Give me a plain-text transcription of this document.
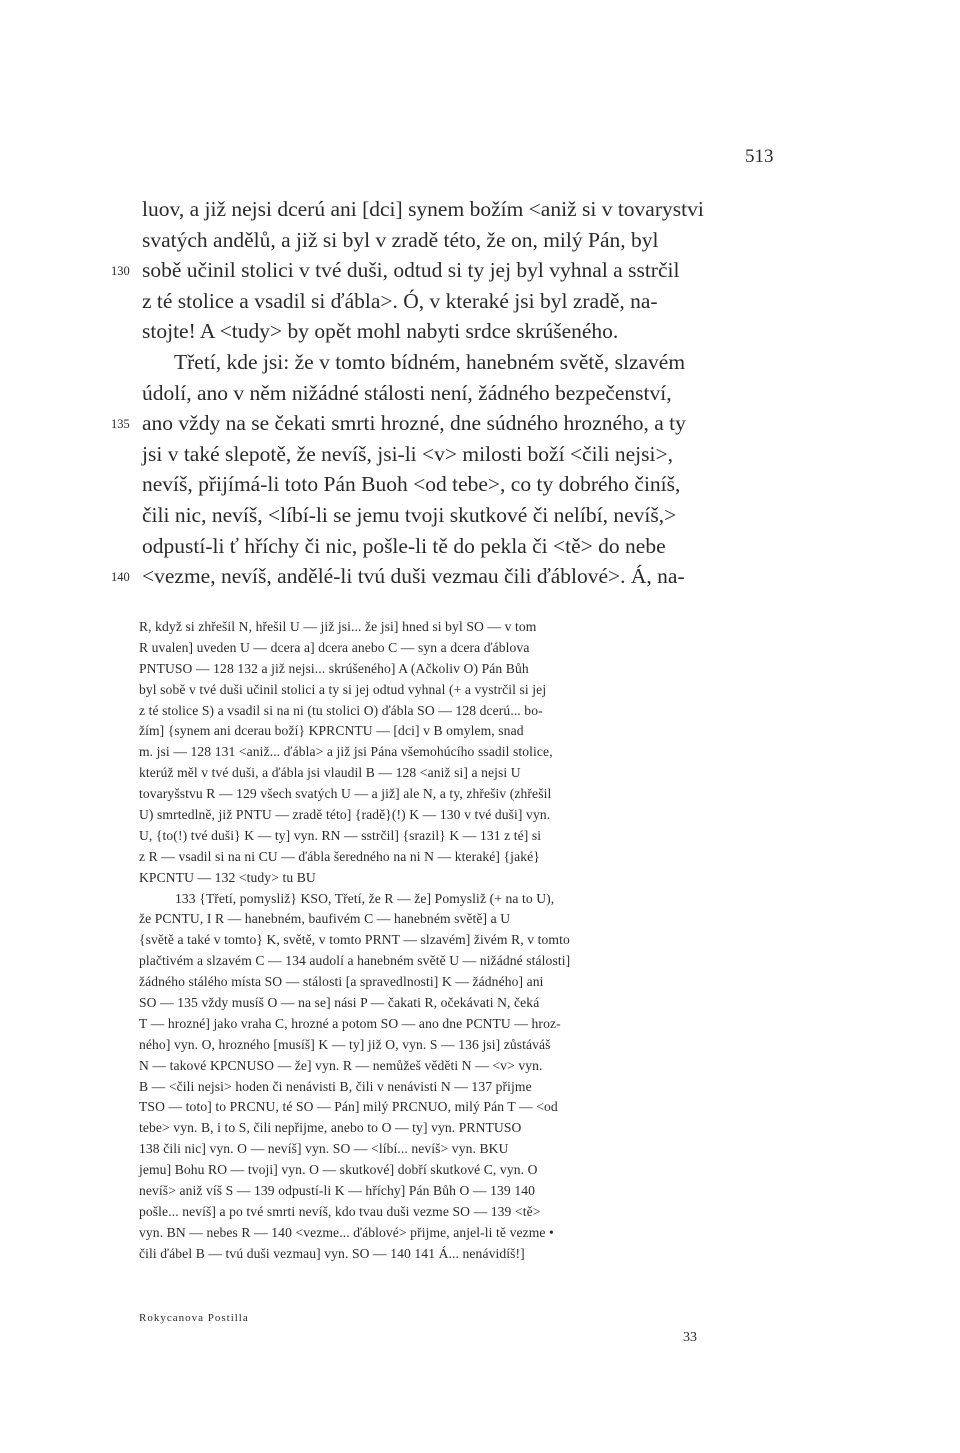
513
luov, a již nejsi dcerú ani [dci] synem božím <aniž si v tovarystvi
svatých andělů, a již si byl v zradě této, že on, milý Pán, byl
130 sobě učinil stolici v tvé duši, odtud si ty jej byl vyhnal a sstrčil
z té stolice a vsadil si ďábla>. Ó, v kteraké jsi byl zradě, na-
stojte! A <tudy> by opět mohl nabyti srdce skrúšeného.
Třetí, kde jsi: že v tomto bídném, hanebném světě, slzavém
údolí, ano v něm nižádné stálosti není, žádného bezpečenství,
135 ano vždy na se čekati smrti hrozné, dne súdného hrozného, a ty
jsi v také slepotě, že nevíš, jsi-li <v> milosti boží <čili nejsi>,
nevíš, přijímá-li toto Pán Buoh <od tebe>, co ty dobrého činíš,
čili nic, nevíš, <líbí-li se jemu tvoji skutkové či nelíbí, nevíš,>
odpustí-li ť hříchy či nic, pošle-li tě do pekla či <tě> do nebe
140 <vezme, nevíš, andělé-li tvú duši vezmau čili ďáblové>. Á, na-
R, když si zhřešil N, hřešil U — již jsi... že jsi] hned si byl SO — v tom
R uvalen] uveden U — dcera a] dcera anebo C — syn a dcera ďáblova
PNTUSO — 128 132 a již nejsi... skrúšeného] A (Ačkoliv O) Pán Bůh
byl sobě v tvé duši učinil stolici a ty si jej odtud vyhnal (+ a vystrčil si jej
z té stolice S) a vsadil si na ni (tu stolici O) ďábla SO — 128 dcerú... bo-
žím] {synem ani dcerau boží} KPRCNTU — [dci] v B omylem, snad
m. jsi — 128 131 <aniž... ďábla> a již jsi Pána všemohúcího ssadil stolice,
kterúž měl v tvé duši, a ďábla jsi vlaudil B — 128 <aniž si] a nejsi U
tovaryšstvu R — 129 všech svatých U — a již] ale N, a ty, zhřešiv (zhřešil
U) smrtedlně, již PNTU — zradě této] {radě}(!) K — 130 v tvé duši] vyn.
U, {to(!) tvé duši} K — ty] vyn. RN — sstrčil] {srazil} K — 131 z té] si
z R — vsadil si na ni CU — ďábla šeredného na ni N — kteraké] {jaké}
KPCNTU — 132 <tudy> tu BU
133 {Třetí, pomysliž} KSO, Třetí, že R — že] Pomysliž (+ na to U),
že PCNTU, I R — hanebném, baufivém C — hanebném světě] a U
{světě a také v tomto} K, světě, v tomto PRNT — slzavém] živém R, v tomto
plačtivém a slzavém C — 134 audolí a hanebném světě U — nižádné stálosti]
žádného stálého místa SO — stálosti [a spravedlnosti] K — žádného] ani
SO — 135 vždy musíš O — na se] nási P — čakati R, očekávati N, čeká
T — hrozné] jako vraha C, hrozné a potom SO — ano dne PCNTU — hroz-
ného] vyn. O, hrozného [musíš] K — ty] již O, vyn. S — 136 jsi] zůstáváš
N — takové KPCNUSO — že] vyn. R — nemůžeš věděti N — <v> vyn.
B — <čili nejsi> hoden či nenávisti B, čili v nenávisti N — 137 přijme
TSO — toto] to PRCNU, té SO — Pán] milý PRCNUO, milý Pán T — <od
tebe> vyn. B, i to S, čili nepřijme, anebo to O — ty] vyn. PRNTUSO
138 čili nic] vyn. O — nevíš] vyn. SO — <líbí... nevíš> vyn. BKU
jemu] Bohu RO — tvoji] vyn. O — skutkové] dobří skutkové C, vyn. O
nevíš> aniž víš S — 139 odpustí-li K — hříchy] Pán Bůh O — 139 140
pošle... nevíš] a po tvé smrti nevíš, kdo tvau duši vezme SO — 139 <tě>
vyn. BN — nebes R — 140 <vezme... ďáblové> přijme, anjel-li tě vezme •
čili ďábel B — tvú duši vezmau] vyn. SO — 140 141 Á... nenávidíš!]
Rokycanova Postilla
33
